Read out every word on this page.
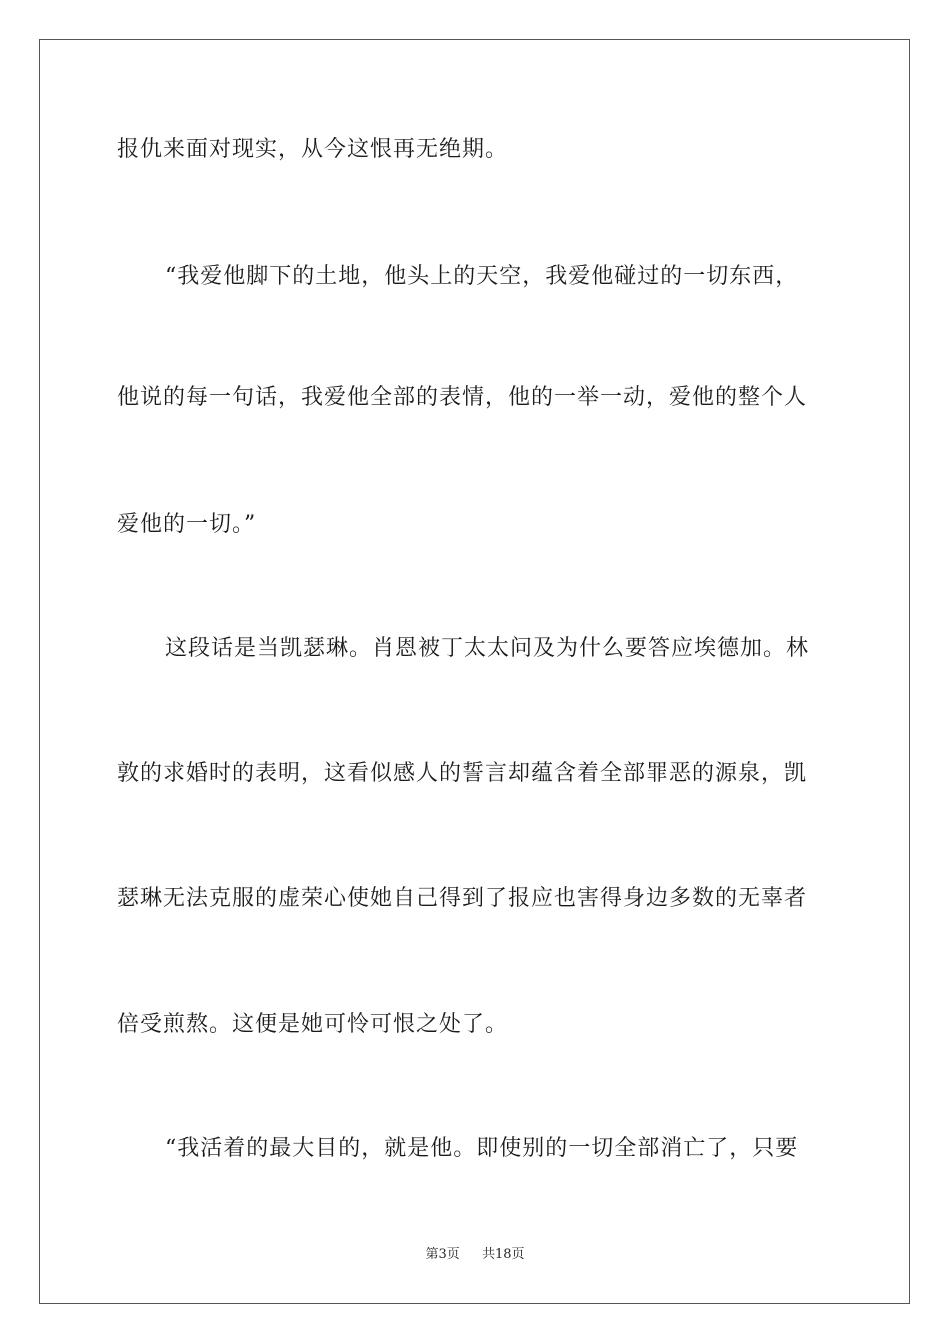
报仇来面对现实，从今这恨再无绝期。
“我爱他脚下的土地，他头上的天空，我爱他碰过的一切东西，
他说的每一句话，我爱他全部的表情，他的一举一动，爱他的整个人
爱他的一切。”
这段话是当凯瑟琳。肖恩被丁太太问及为什么要答应埃德加。林
敦的求婚时的表明，这看似感人的誓言却蕴含着全部罪恶的源泉，凯
瑟琳无法克服的虚荣心使她自己得到了报应也害得身边多数的无辜者
倍受煎熬。这便是她可怜可恨之处了。
“我活着的最大目的，就是他。即使别的一切全部消亡了，只要
第3页 共18页
